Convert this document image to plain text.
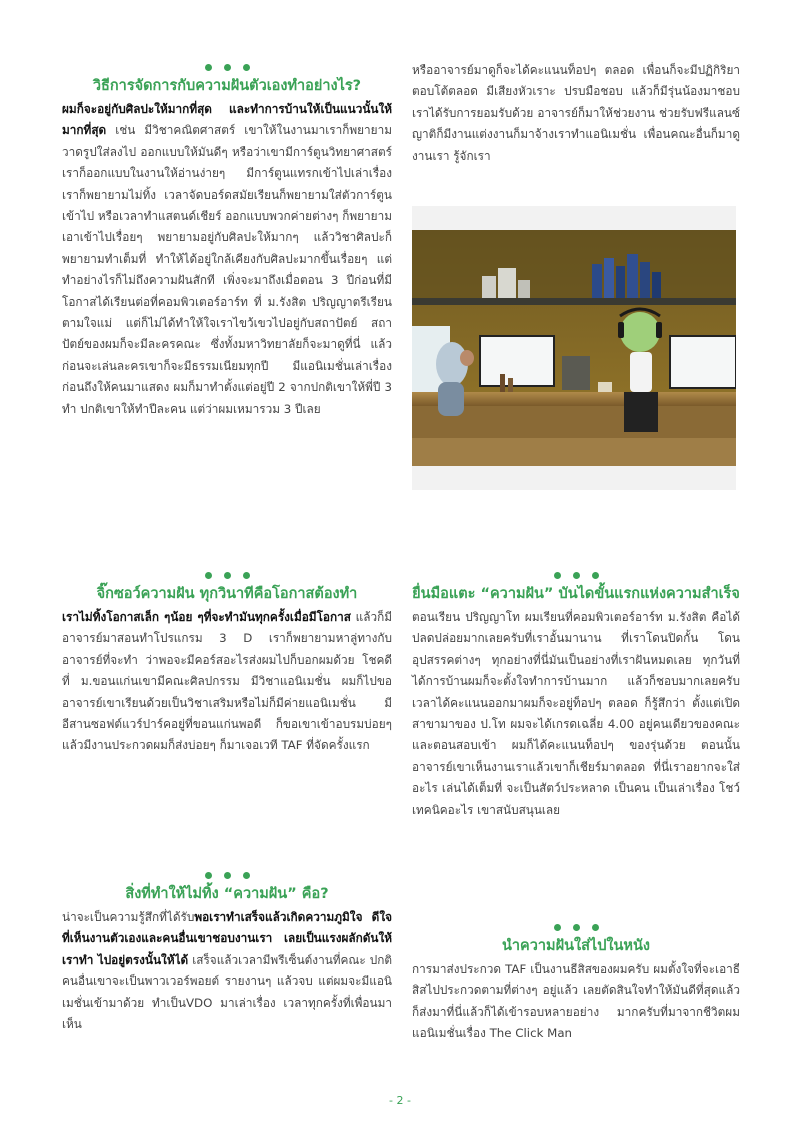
วิธีการจัดการกับความฝันตัวเองทำอย่างไร?

ผมก็จะอยู่กับศิลปะให้มากที่สุด และทำการบ้านให้เป็นแนวนั้นให้มากที่สุด เช่น มีวิชาคณิตศาสตร์ เขาให้ในงานมาเราก็พยายามวาดรูปใส่ลงไป ออกแบบให้มันดีๆ หรือว่าเขามีการ์ตูนวิทยาศาสตร์เราก็ออกแบบในงานให้อ่านง่ายๆ มีการ์ตูนแทรกเข้าไปเล่าเรื่อง เราก็พยายามไม่ทิ้ง เวลาจัดบอร์ดสมัยเรียนก็พยายามใส่ตัวการ์ตูนเข้าไป หรือเวลาทำแสตนด์เชียร์ ออกแบบพวกค่ายต่างๆ ก็พยายามเอาเข้าไปเรื่อยๆ พยายามอยู่กับศิลปะให้มากๆ แล้ววิชาศิลปะก็พยายามทำเต็มที่ ทำให้ได้อยู่ใกล้เคียงกับศิลปะมากขึ้นเรื่อยๆ แต่ทำอย่างไรก็ไม่ถึงความฝันสักที เพิ่งจะมาถึงเมื่อตอน 3 ปีก่อนที่มีโอกาสได้เรียนต่อที่คอมพิวเตอร์อาร์ท ที่ ม.รังสิต ปริญญาตรีเรียนตามใจแม่ แต่ก็ไม่ได้ทำให้ใจเราไขว้เขวไปอยู่กับสถาปัตย์ สถาปัตย์ของผมก็จะมีละครคณะ ซึ่งทั้งมหาวิทยาลัยก็จะมาดูที่นี่ แล้วก่อนจะเล่นละครเขาก็จะมีธรรมเนียมทุกปี มีแอนิเมชั่นเล่าเรื่องก่อนถึงให้คนมาแสดง ผมก็มาทำตั้งแต่อยู่ปี 2 จากปกติเขาให้พี่ปี 3 ทำ ปกติเขาให้ทำปีละคน แต่ว่าผมเหมารวม 3 ปีเลย

จิ๊กซอว์ความฝัน ทุกวินาทีคือโอกาสต้องทำ

เราไม่ทิ้งโอกาสเล็ก ๆน้อย ๆที่จะทำมันทุกครั้งเมื่อมีโอกาส แล้วก็มีอาจารย์มาสอนทำโปรแกรม 3 D เราก็พยายามหาลู่ทางกับอาจารย์ที่จะทำ ว่าพอจะมีคอร์สอะไรส่งผมไปก็บอกผมด้วย โชคดีที่ ม.ขอนแก่นเขามีคณะศิลปกรรม มีวิชาแอนิเมชั่น ผมก็ไปขออาจารย์เขาเรียนด้วยเป็นวิชาเสริมหรือไม่ก็มีค่ายแอนิเมชั่น มีอีสานซอฟต์แวร์ปาร์คอยู่ที่ขอนแก่นพอดี ก็ขอเขาเข้าอบรมบ่อยๆ แล้วมีงานประกวดผมก็ส่งบ่อยๆ ก็มาเจอเวที TAF ที่จัดครั้งแรก

สิ่งที่ทำให้ไม่ทิ้ง “ความฝัน” คือ?

น่าจะเป็นความรู้สึกที่ได้รับพอเราทำเสร็จแล้วเกิดความภูมิใจ ดีใจที่เห็นงานตัวเองและคนอื่นเขาชอบงานเรา เลยเป็นแรงผลักดันให้เราทำ ไปอยู่ตรงนั้นให้ได้ เสร็จแล้วเวลามีพรีเซ็นต์งานที่คณะ ปกติคนอื่นเขาจะเป็นพาวเวอร์พอยต์ รายงานๆ แล้วจบ แต่ผมจะมีแอนิเมชั่นเข้ามาด้วย ทำเป็นVDO มาเล่าเรื่อง เวลาทุกครั้งที่เพื่อนมาเห็น

หรืออาจารย์มาดูก็จะได้คะแนนท็อปๆ ตลอด เพื่อนก็จะมีปฏิกิริยาตอบโต้ตลอด มีเสียงหัวเราะ ปรบมือชอบ แล้วก็มีรุ่นน้องมาชอบ เราได้รับการยอมรับด้วย อาจารย์ก็มาให้ช่วยงาน ช่วยรับฟรีแลนซ์ ญาติก็มีงานแต่งงานก็มาจ้างเราทำแอนิเมชั่น เพื่อนคณะอื่นก็มาดูงานเรา รู้จักเรา

ยื่นมือแตะ “ความฝัน” บันไดขั้นแรกแห่งความสำเร็จ

ตอนเรียน ปริญญาโท ผมเรียนที่คอมพิวเตอร์อาร์ท ม.รังสิต คือได้ปลดปล่อยมากเลยครับที่เราอั้นมานาน ที่เราโดนปิดกั้น โดนอุปสรรคต่างๆ ทุกอย่างที่นี่มันเป็นอย่างที่เราฝันหมดเลย ทุกวันที่ได้การบ้านผมก็จะตั้งใจทำการบ้านมาก แล้วก็ชอบมากเลยครับ เวลาได้คะแนนออกมาผมก็จะอยู่ท็อปๆ ตลอด ก็รู้สึกว่า ตั้งแต่เปิดสาขามาของ ป.โท ผมจะได้เกรดเฉลี่ย 4.00 อยู่คนเดียวของคณะ และตอนสอบเข้า ผมก็ได้คะแนนท็อปๆ ของรุ่นด้วย ตอนนั้นอาจารย์เขาเห็นงานเราแล้วเขาก็เชียร์มาตลอด ที่นี่เราอยากจะใส่อะไร เล่นได้เต็มที่ จะเป็นสัตว์ประหลาด เป็นคน เป็นเล่าเรื่อง โชว์เทคนิคอะไร เขาสนับสนุนเลย

นำความฝันใส่ไปในหนัง

การมาส่งประกวด TAF เป็นงานธีสิสของผมครับ ผมตั้งใจที่จะเอาธีสิสไปประกวดตามที่ต่างๆ อยู่แล้ว เลยตัดสินใจทำให้มันดีที่สุดแล้วก็ส่งมาที่นี่แล้วก็ได้เข้ารอบหลายอย่าง มากครับที่มาจากชีวิตผม แอนิเมชั่นเรื่อง The Click Man

- 2 -
